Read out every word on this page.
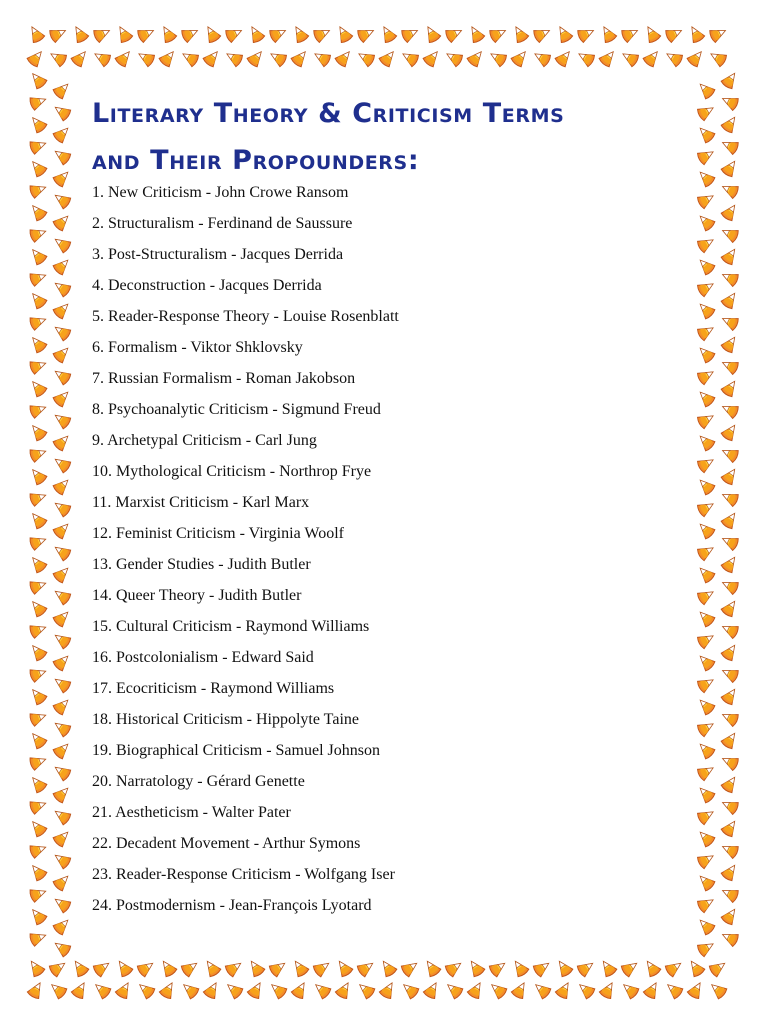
Literary Theory & Criticism Terms
and Their Propounders:
1. New Criticism - John Crowe Ransom
2. Structuralism - Ferdinand de Saussure
3. Post-Structuralism - Jacques Derrida
4. Deconstruction - Jacques Derrida
5. Reader-Response Theory - Louise Rosenblatt
6. Formalism - Viktor Shklovsky
7. Russian Formalism - Roman Jakobson
8. Psychoanalytic Criticism - Sigmund Freud
9. Archetypal Criticism - Carl Jung
10. Mythological Criticism - Northrop Frye
11. Marxist Criticism - Karl Marx
12. Feminist Criticism - Virginia Woolf
13. Gender Studies - Judith Butler
14. Queer Theory - Judith Butler
15. Cultural Criticism - Raymond Williams
16. Postcolonialism - Edward Said
17. Ecocriticism - Raymond Williams
18. Historical Criticism - Hippolyte Taine
19. Biographical Criticism - Samuel Johnson
20. Narratology - Gérard Genette
21. Aestheticism - Walter Pater
22. Decadent Movement - Arthur Symons
23. Reader-Response Criticism - Wolfgang Iser
24. Postmodernism - Jean-François Lyotard
